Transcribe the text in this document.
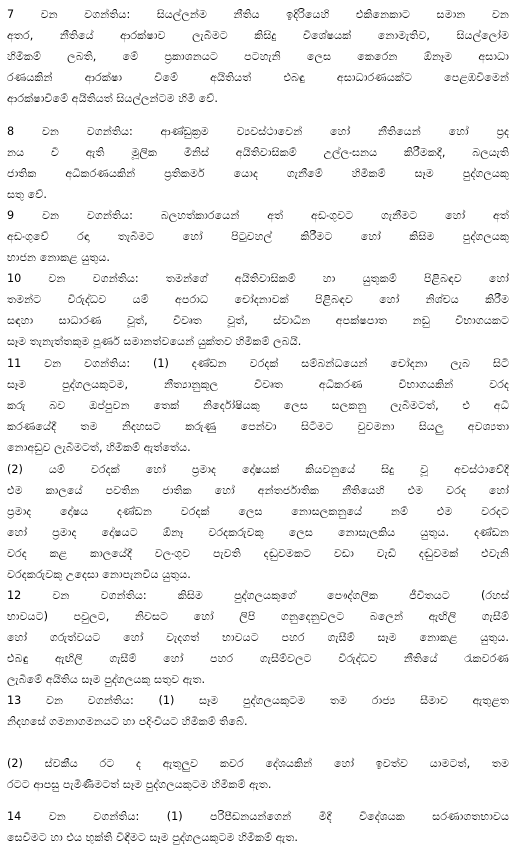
7 වන වගන්තිය: සියල්ලන්ම නීතිය ඉදිරියෙහි එකිනෙකාට සමාන වන
අතර, නීතියේ ආරක්ෂාව ලැබීමට කිසිදු විශේෂයක් නොමැතිව, සියල්ලෝම
හිමිකම් ලබති, මේ ප්‍රකාශනයට පටහැනි ලෙස කෙරෙන ඕනෑම අසාධා
රණයකින් ආරක්ෂා වීමේ අයිතියත් එබඳු අසාධාරණයක්ට පෙළඹවීමෙන්
ආරක්ෂාවීමේ අයිතියත් සියල්ලන්ටම හිමි වේ.
8 වන වගන්තිය: ආණ්ඩුක්‍රම ව්‍යවස්ථාවෙන් හෝ නීතියෙන් හෝ ප්‍රද
නය වී ඇති මූලික මිනිස් අයිතිවාසිකම් උල්ලංඝනය කිරීමකදී, බලයැති
ජාතික අධිකරණයකින් ප්‍රතිකර්ම යොද ගැනීමේ හිමිකම් සෑම පුද්ගලයකු
සතු වේ.
9 වන වගන්තිය: බලහත්කාරයෙන් අත් අඩංගුවට ගැනීමට හෝ අත්
අඩංගුවේ රඳා තැබීමට හෝ පිටුවහල් කිරීමට හෝ කිසිම පුද්ගලයකු
භාජන නොකළ යුතුය.
10 වන වගන්තිය: තමන්ගේ අයිතිවාසිකම් හා යුතුකම් පිළිබඳව හෝ
තමන්ට විරුද්ධව යම් අපරාධ චෝදනාවක් පිළිබඳව හෝ නිශ්චය කිරීම
සඳහා සාධාරණ වූත්, විවෘත වූත්, ස්වාධීන අපක්ෂපාත නඩු විභාගයකට
සෑම තැනැත්තකුම පූර්ණ සමානත්වයෙන් යුක්තව හිමිකම් ලබයි.
11 වන වගන්තිය: (1) දණ්ඩන වරදක් සම්බන්ධයෙන් චෝදනා ලැබ සිටි
සෑම පුද්ගලයකුටම, නීත්‍යානුකූල විවෘත අධිකරණ විභාගයකින් වරද
කරු බව ඔප්පුවන තෙක් නිර්දෝෂියකු ලෙස සලකනු ලැබීමටත්, එ අධි
කරණයේදී තම නිදහසට කරුණු පෙන්වා සිටීමට වුවමනා සියලු අවශ්‍යතා
නොඅඩුව ලැබීමටත්, හිමිකම් ඇත්තේය.
(2) යම් වරදක් හෝ ප්‍රමාද දෝෂයක් කියවනුයේ සිදු වූ අවස්ථාවේදී
එම කාලයේ පවතින ජාතික හෝ අන්තර්ජාතික නීතියෙහි එම වරද හෝ
ප්‍රමාද දෝෂය දණ්ඩන වරදක් ලෙස නොසලකනුයේ නම් එම වරදට
හෝ ප්‍රමාද දෝෂයට ඕනෑ වරදකරුවකු ලෙස නොසැලකිය යුතුය. දණ්ඩන
වරද කළ කාලයේදී වලංගුව පැවති දඬුවමකට වඩා වැඩි දඬුවමක් එවැනි
වරදකරුවකු උදෙසා නොපැනවිය යුතුය.
12 වන වගන්තිය: කිසිම පුද්ගලයකුගේ පෞද්ගලික ජීවිතයට (රහස්
භාවයට) පවුලට, නිවසට හෝ ලිපි ගනුදෙනුවලට බලෙන් ඇඟිලි ගැසීම්
හෝ ගරුත්වයට හෝ වැදගත් භාවයට පහර ගැසීම් සෑම නොකළ යුතුය.
එබඳු ඇඟිලි ගැසීම් හෝ පහර ගැසීම්වලට විරුද්ධව නීතියේ රැකවරණ
ලැබීමේ අයිතිය සෑම පුද්ගලයකු සතුව ඇත.
13 වන වගන්තිය: (1) සෑම පුද්ගලයකුටම තම රාජ්‍ය සීමාව ඇතුළත
නිදහසේ ගමනාගමනයට හා පදිංචියට හිමිකම් තිබේ.
(2) ස්වකීය රට ද ඇතුලුව කවර දේශයකින් හෝ ඉවත්ව යාමටත්, තම
රටට ආපසු පැමිණීමටත් සෑම පුද්ගලයකුටම හිමිකම් ඇත.
14 වන වගන්තිය: (1) පරිපීඩනයන්ගෙන් මිදී විදේශයක සරණාගතභාවය
සෙවීමට හා එය භුක්ති විඳීමට සෑම පුද්ගලයකුටම හිමිකම් ඇත.
